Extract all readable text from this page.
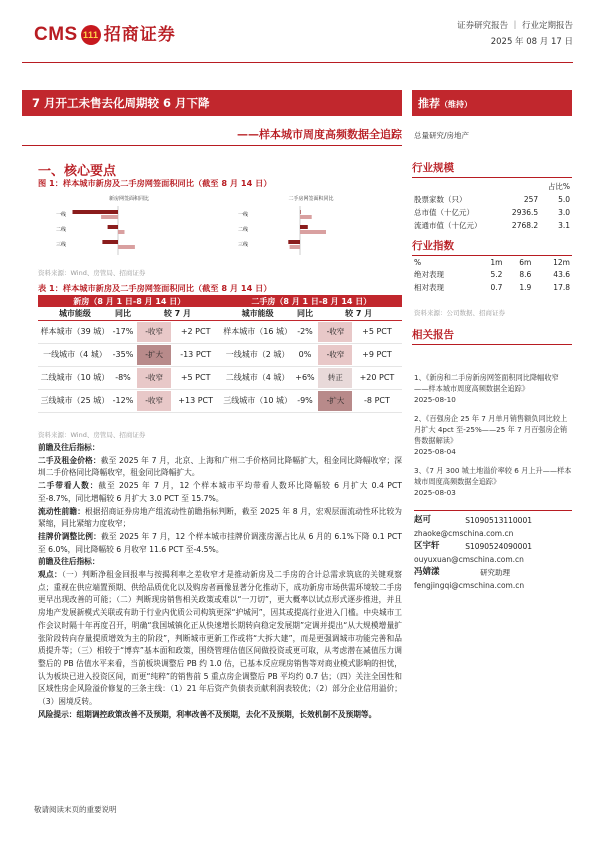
CMS 111 招商证券	证券研究报告 ｜ 行业定期报告
2025 年 08 月 17 日
7 月开工未售去化周期较 6 月下降
——样本城市周度高频数据全追踪
推荐（维持）
总量研究/房地产
行业规模
		占比%
股票家数（只）	257	5.0
总市值（十亿元）	2936.5	3.0
流通市值（十亿元）	2768.2	3.1
行业指数
%	1m	6m	12m
绝对表现	5.2	8.6	43.6
相对表现	0.7	1.9	17.8
资料来源：公司数据、招商证券
相关报告
1、《新房和二手房新房网签面积同比降幅收窄——样本城市周度高频数据全追踪》
2025-08-10
2、《百强房企 25 年 7 月单月销售额负同比较上月扩大 4pct 至-25%——25 年 7 月百强房企销售数据解读》
2025-08-04
3、《7 月 300 城土地溢价率较 6 月上升——样本城市周度高频数据全追踪》
2025-08-03
赵可	S1090513110001
zhaoke@cmschina.com.cn
区宇轩	S1090524090001
ouyuxuan@cmschina.com.cn
冯婧漾	研究助理
fengjingqi@cmschina.com.cn
一、核心要点
图 1：样本城市新房及二手房网签面积同比（截至 8 月 14 日）
新房网签面积同比	二手房网签面积同比
一线
二线
三线
一线
二线
三线
资料来源：Wind、房管局、招商证券
表 1：样本城市新房及二手房网签面积同比（截至 8 月 14 日）
新房（8 月 1 日-8 月 14 日）			二手房（8 月 1 日-8 月 14 日）		
城市能级	同比	较 7 月	城市能级	同比	较 7 月
样本城市（39 城）	-17%	-收窄 +2 PCT	样本城市（16 城）	-2%	-收窄 +5 PCT
一线城市（4 城）	-35%	-扩大 -13 PCT	一线城市（2 城）	0%	-收窄 +9 PCT
二线城市（10 城）	-8%	-收窄 +5 PCT	二线城市（4 城）	+6%	转正 +20 PCT
三线城市（25 城）	-12%	-收窄 +13 PCT	三线城市（10 城）	-9%	-扩大 -8 PCT
资料来源：Wind、房管局、招商证券

前瞻及往后指标：

二手及租金价格：截至 2025 年 7 月，北京、上海和广州二手价格同比降幅扩大，租金同比降幅收窄；深圳二手价格同比降幅收窄，租金同比降幅扩大。

二手带看人数：截至 2025 年 7 月，12 个样本城市平均带看人数环比降幅较 6 月扩大 0.4 PCT 至-8.7%，同比增幅较 6 月扩大 3.0 PCT 至 15.7%。

流动性前瞻：根据招商证券房地产组流动性前瞻指标判断，截至 2025 年 8 月，宏观层面流动性环比较为紧缩，同比紧缩力度收窄；

挂牌价调整比例：截至 2025 年 7 月，12 个样本城市挂牌价调涨房源占比从 6 月的 6.1%下降 0.1 PCT 至 6.0%，同比降幅较 6 月收窄 11.6 PCT 至-4.5%。

前瞻及往后指标：

观点：（一）判断净租金回报率与按揭利率之差收窄才是推动新房及二手房的合计总需求筑底的关键观察点；重视在供应端置预期、供给品质优化以及购房者画像显著分化推动下，成功新房市场供需环境较二手房更早出现改善的可能；（二）判断现房销售相关政策或难以“一刀切”，更大概率以试点形式逐步推进，并且房地产发展新模式关联或有助于行业内优质公司构筑更深“护城河”，因其或提高行业进入门槛。中央城市工作会议时隔十年再度召开，明确“我国城镇化正从快速增长期转向稳定发展期”定调并提出“从大规模增量扩张阶段转向存量提质增效为主的阶段”，判断城市更新工作或将“大拆大建”，而是更强调城市功能完善和品质提升等；（三）相较于“博弈”基本面和政策，围绕管理估值区间做投资或更可取，从考虑潜在减值压力调整后的 PB 估值水平来看，当前板块调整后 PB 约 1.0 估，已基本反应现房销售等对商业模式影响的担忧，认为板块已进入投资区间，而更“纯粹”的销售前 5 重点房企调整后 PB 平均约 0.7 估；（四）关注全国性和区域性房企风险溢价修复的三条主线：（1）21 年后资产负债表贡献利润表较优；（2）部分企业信用溢价；（3）困境反转。

风险提示：组期调控政策改善不及预期，利率改善不及预期，去化不及预期，长效机制不及预期等。

敬请阅读末页的重要说明
